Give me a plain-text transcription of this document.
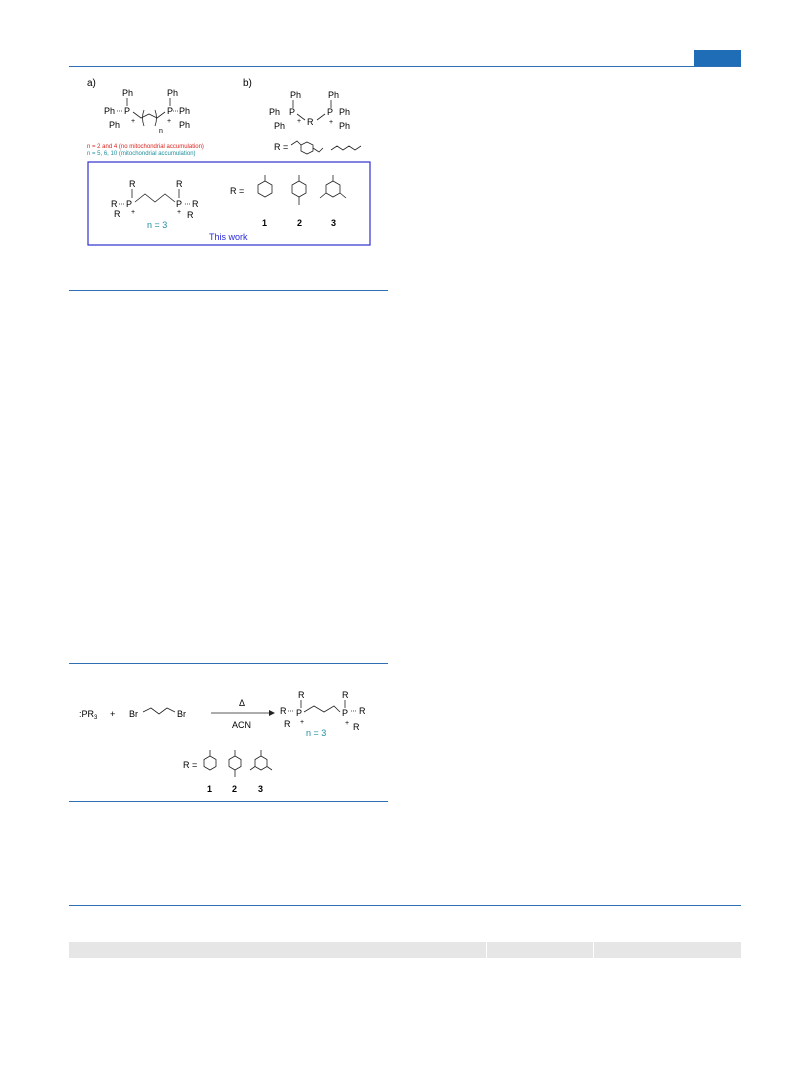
a)
Ph	Ph
Ph P	P Ph
Ph	Ph
+	+
n
n = 2 and 4 (no mitochondrial accumulation)
n = 5, 6, 10 (mitochondrial accumulation)
b)
Ph	Ph
Ph P	P Ph
Ph	Ph
R
+	+
R =
R	R
R P	P R
R	R
+	+
n = 3
R =
1	2	3
This work
$:PR_3 + Br$	Br
Δ
ACN
R	R
R P	P R
R	R
+	+
n = 3
R =
1 2 3
